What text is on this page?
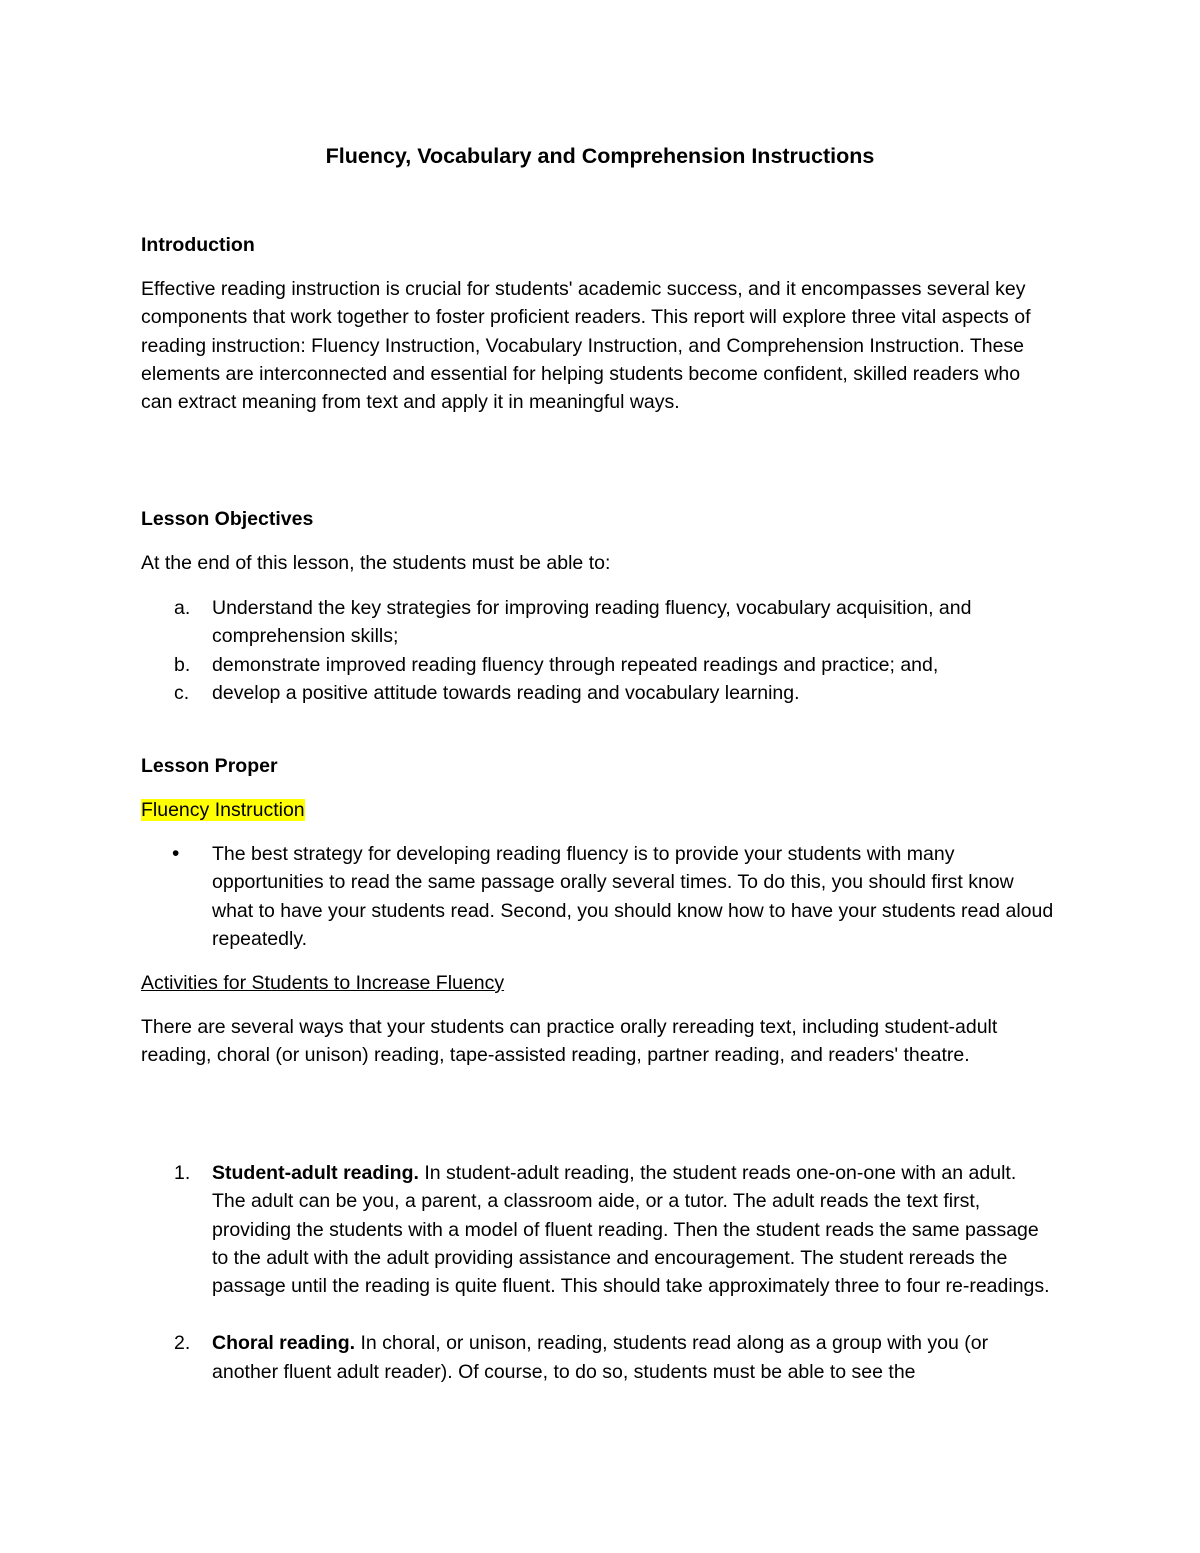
Fluency, Vocabulary and Comprehension Instructions
Introduction

Effective reading instruction is crucial for students' academic success, and it encompasses several key components that work together to foster proficient readers. This report will explore three vital aspects of reading instruction: Fluency Instruction, Vocabulary Instruction, and Comprehension Instruction. These elements are interconnected and essential for helping students become confident, skilled readers who can extract meaning from text and apply it in meaningful ways.

Lesson Objectives

At the end of this lesson, the students must be able to:

a. Understand the key strategies for improving reading fluency, vocabulary acquisition, and comprehension skills;
b. demonstrate improved reading fluency through repeated readings and practice; and,
c. develop a positive attitude towards reading and vocabulary learning.
Lesson Proper
Fluency Instruction
• The best strategy for developing reading fluency is to provide your students with many opportunities to read the same passage orally several times. To do this, you should first know what to have your students read. Second, you should know how to have your students read aloud repeatedly.
Activities for Students to Increase Fluency

There are several ways that your students can practice orally rereading text, including student-adult reading, choral (or unison) reading, tape-assisted reading, partner reading, and readers' theatre.

1. Student-adult reading. In student-adult reading, the student reads one-on-one with an adult. The adult can be you, a parent, a classroom aide, or a tutor. The adult reads the text first, providing the students with a model of fluent reading. Then the student reads the same passage to the adult with the adult providing assistance and encouragement. The student rereads the passage until the reading is quite fluent. This should take approximately three to four re-readings.
2. Choral reading. In choral, or unison, reading, students read along as a group with you (or another fluent adult reader). Of course, to do so, students must be able to see the
